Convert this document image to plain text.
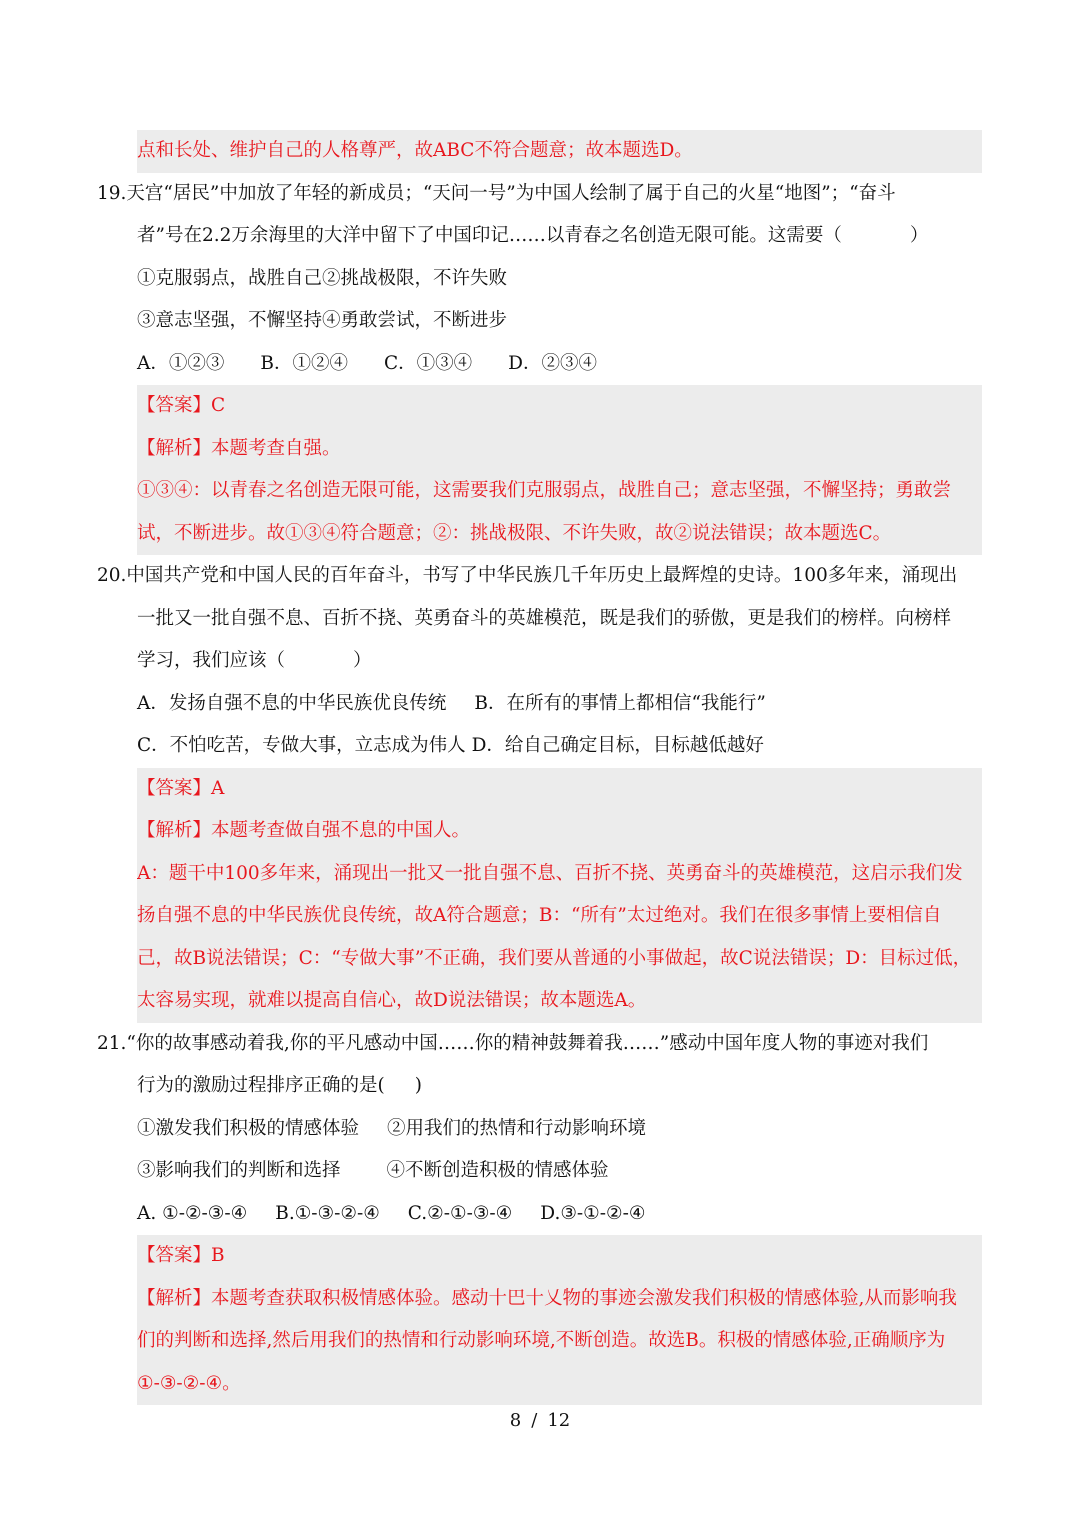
点和长处、维护自己的人格尊严，故ABC不符合题意；故本题选D。
19.天宫“居民”中加放了年轻的新成员；“天问一号”为中国人绘制了属于自己的火星“地图”；“奋斗
者”号在2.2万余海里的大洋中留下了中国印记……以青春之名创造无限可能。这需要（	）
①克服弱点，战胜自己②挑战极限，不许失败
③意志坚强，不懈坚持④勇敢尝试，不断进步
A．①②③ B．①②④ C．①③④ D．②③④
【答案】C
【解析】本题考查自强。
①③④：以青春之名创造无限可能，这需要我们克服弱点，战胜自己；意志坚强，不懈坚持；勇敢尝
试，不断进步。故①③④符合题意；②：挑战极限、不许失败，故②说法错误；故本题选C。
20.中国共产党和中国人民的百年奋斗，书写了中华民族几千年历史上最辉煌的史诗。100多年来，涌现出
一批又一批自强不息、百折不挠、英勇奋斗的英雄模范，既是我们的骄傲，更是我们的榜样。向榜样
学习，我们应该（	）
A．发扬自强不息的中华民族优良传统 B．在所有的事情上都相信“我能行”
C．不怕吃苦，专做大事，立志成为伟人 D．给自己确定目标，目标越低越好
【答案】A
【解析】本题考查做自强不息的中国人。
A：题干中100多年来，涌现出一批又一批自强不息、百折不挠、英勇奋斗的英雄模范，这启示我们发
扬自强不息的中华民族优良传统，故A符合题意；B：“所有”太过绝对。我们在很多事情上要相信自
己，故B说法错误；C：“专做大事”不正确，我们要从普通的小事做起，故C说法错误；D：目标过低，
太容易实现，就难以提高自信心，故D说法错误；故本题选A。
21.“你的故事感动着我,你的平凡感动中国……你的精神鼓舞着我……”感动中国年度人物的事迹对我们
行为的激励过程排序正确的是( )
①激发我们积极的情感体验 ②用我们的热情和行动影响环境
③影响我们的判断和选择 ④不断创造积极的情感体验
A. ①-②-③-④ B.①-③-②-④ C.②-①-③-④ D.③-①-②-④
【答案】B
【解析】本题考查获取积极情感体验。感动十巴十乂物的事迹会激发我们积极的情感体验,从而影响我
们的判断和选择,然后用我们的热情和行动影响环境,不断创造。故选B。积极的情感体验,正确顺序为
①-③-②-④。
8 / 12
